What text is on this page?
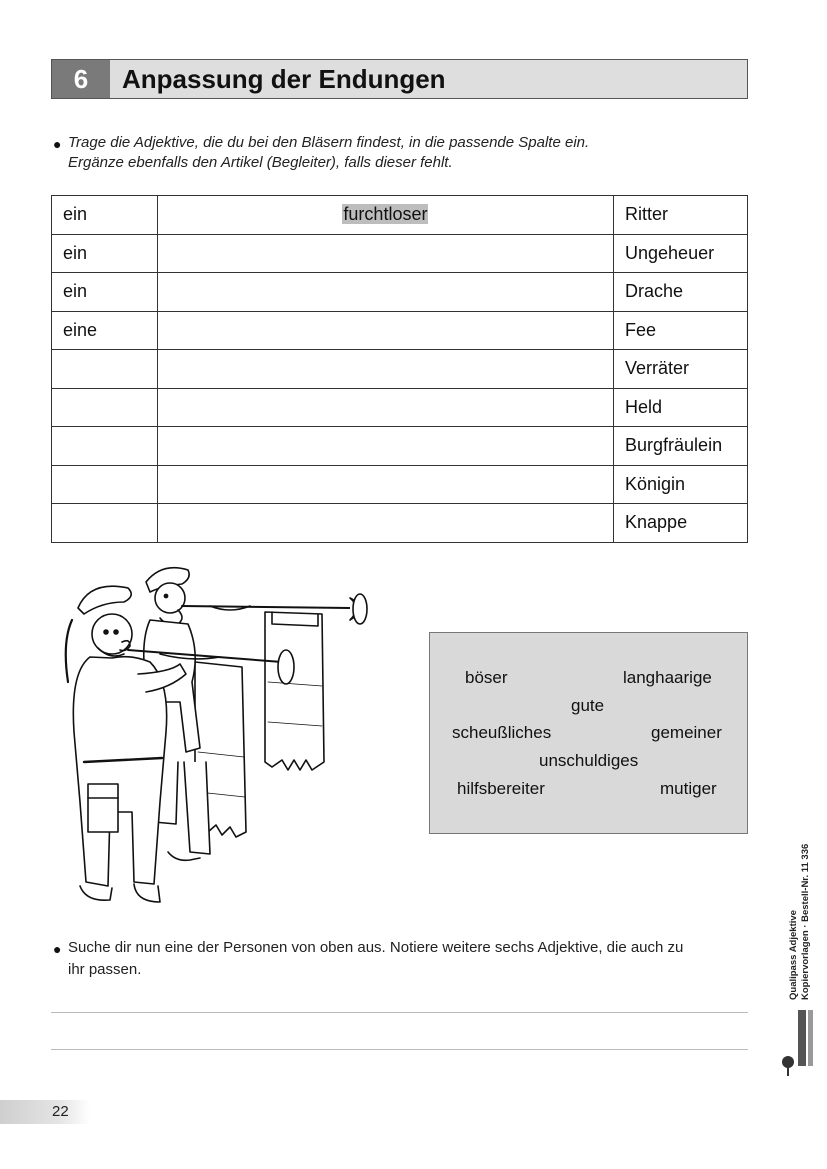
6	Anpassung der Endungen
● Trage die Adjektive, die du bei den Bläsern findest, in die passende Spalte ein.
Ergänze ebenfalls den Artikel (Begleiter), falls dieser fehlt.
ein	furchtloser	Ritter
ein		Ungeheuer
ein		Drache
eine		Fee
		Verräter
		Held
		Burgfräulein
		Königin
		Knappe
böser	langhaarige
gute
scheußliches	gemeiner
unschuldiges
hilfsbereiter	mutiger
● Suche dir nun eine der Personen von oben aus. Notiere weitere sechs Adjektive, die auch zu
ihr passen.	Qualipass Adjektive Kopiervorlagen · Bestell-Nr. 11 336
22
